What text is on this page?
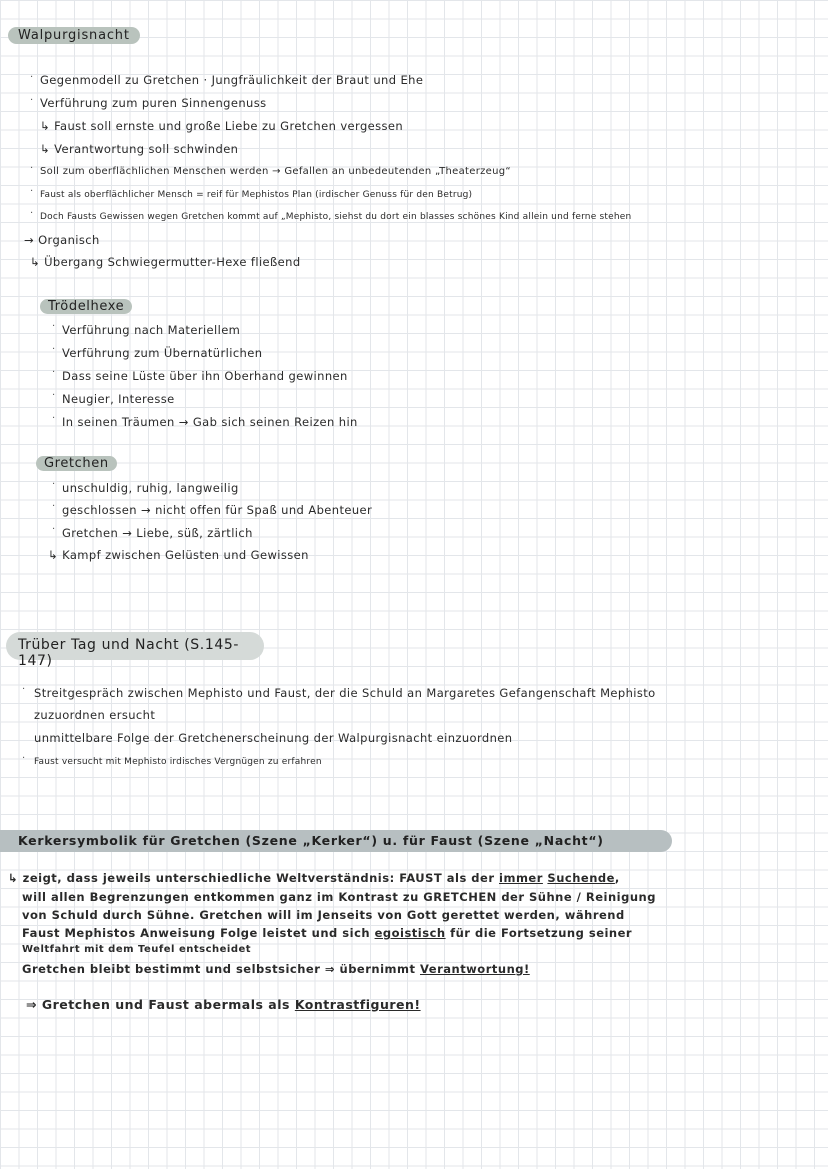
Walpurgisnacht
· Gegenmodell zu Gretchen · Jungfräulichkeit der Braut und Ehe
· Verführung zum puren Sinnengenuss
↳ Faust soll ernste und große Liebe zu Gretchen vergessen
↳ Verantwortung soll schwinden
· Soll zum oberflächlichen Menschen werden → Gefallen an unbedeutenden „Theaterzeug“
· Faust als oberflächlicher Mensch = reif für Mephistos Plan (irdischer Genuss für den Betrug)
· Doch Fausts Gewissen wegen Gretchen kommt auf „Mephisto, siehst du dort ein blasses schönes Kind allein und ferne stehen
→ Organisch
↳ Übergang Schwiegermutter-Hexe fließend
Trödelhexe
· Verführung nach Materiellem
· Verführung zum Übernatürlichen
· Dass seine Lüste über ihn Oberhand gewinnen
· Neugier, Interesse
· In seinen Träumen → Gab sich seinen Reizen hin
Gretchen
· unschuldig, ruhig, langweilig
· geschlossen → nicht offen für Spaß und Abenteuer
· Gretchen → Liebe, süß, zärtlich
↳ Kampf zwischen Gelüsten und Gewissen
Trüber Tag und Nacht (S.145-147)
· Streitgespräch zwischen Mephisto und Faust, der die Schuld an Margaretes Gefangenschaft Mephisto
zuzuordnen ersucht
unmittelbare Folge der Gretchenerscheinung der Walpurgisnacht einzuordnen
· Faust versucht mit Mephisto irdisches Vergnügen zu erfahren
Kerkersymbolik für Gretchen (Szene „Kerker“) u. für Faust (Szene „Nacht“)
↳ zeigt, dass jeweils unterschiedliche Weltverständnis: FAUST als der immer Suchende,
will allen Begrenzungen entkommen ganz im Kontrast zu GRETCHEN der Sühne / Reinigung
von Schuld durch Sühne. Gretchen will im Jenseits von Gott gerettet werden, während
Faust Mephistos Anweisung Folge leistet und sich egoistisch für die Fortsetzung seiner
Weltfahrt mit dem Teufel entscheidet
Gretchen bleibt bestimmt und selbstsicher ⇒ übernimmt Verantwortung!
⇒ Gretchen und Faust abermals als Kontrastfiguren!
